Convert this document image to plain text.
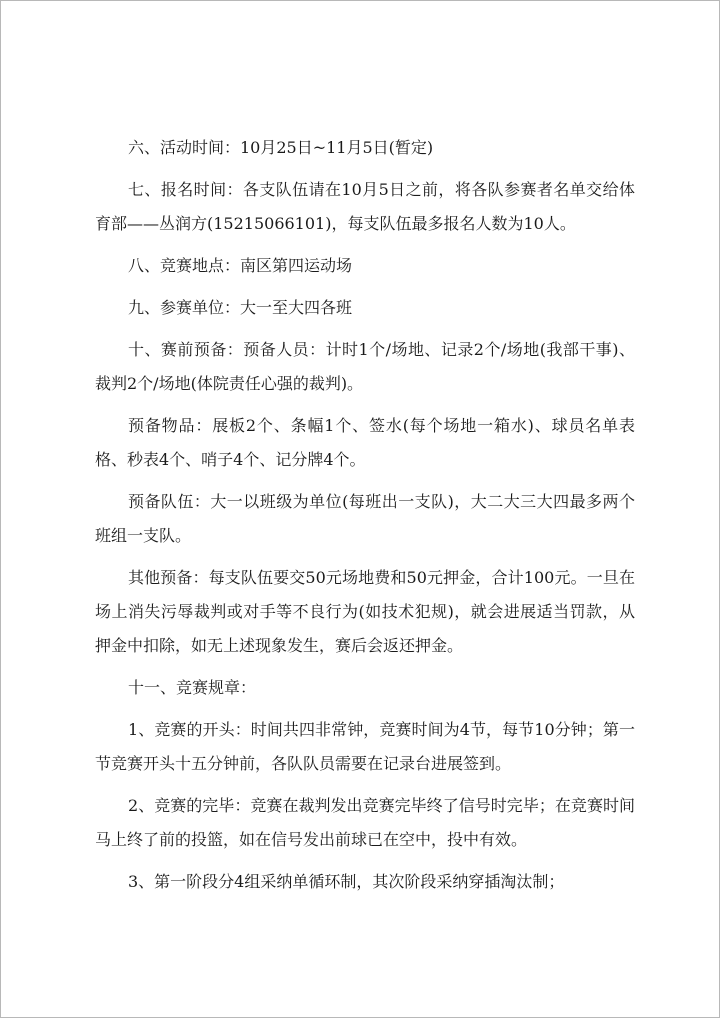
六、活动时间：10月25日~11月5日(暂定)

七、报名时间：各支队伍请在10月5日之前，将各队参赛者名单交给体育部——丛润方(15215066101)，每支队伍最多报名人数为10人。

八、竞赛地点：南区第四运动场

九、参赛单位：大一至大四各班

十、赛前预备：预备人员：计时1个/场地、记录2个/场地(我部干事)、裁判2个/场地(体院责任心强的裁判)。

预备物品：展板2个、条幅1个、签水(每个场地一箱水)、球员名单表格、秒表4个、哨子4个、记分牌4个。

预备队伍：大一以班级为单位(每班出一支队)，大二大三大四最多两个班组一支队。

其他预备：每支队伍要交50元场地费和50元押金，合计100元。一旦在场上消失污辱裁判或对手等不良行为(如技术犯规)，就会进展适当罚款，从押金中扣除，如无上述现象发生，赛后会返还押金。

十一、竞赛规章：

1、竞赛的开头：时间共四非常钟，竞赛时间为4节，每节10分钟；第一节竞赛开头十五分钟前，各队队员需要在记录台进展签到。

2、竞赛的完毕：竞赛在裁判发出竞赛完毕终了信号时完毕；在竞赛时间马上终了前的投篮，如在信号发出前球已在空中，投中有效。

3、第一阶段分4组采纳单循环制，其次阶段采纳穿插淘汰制；
